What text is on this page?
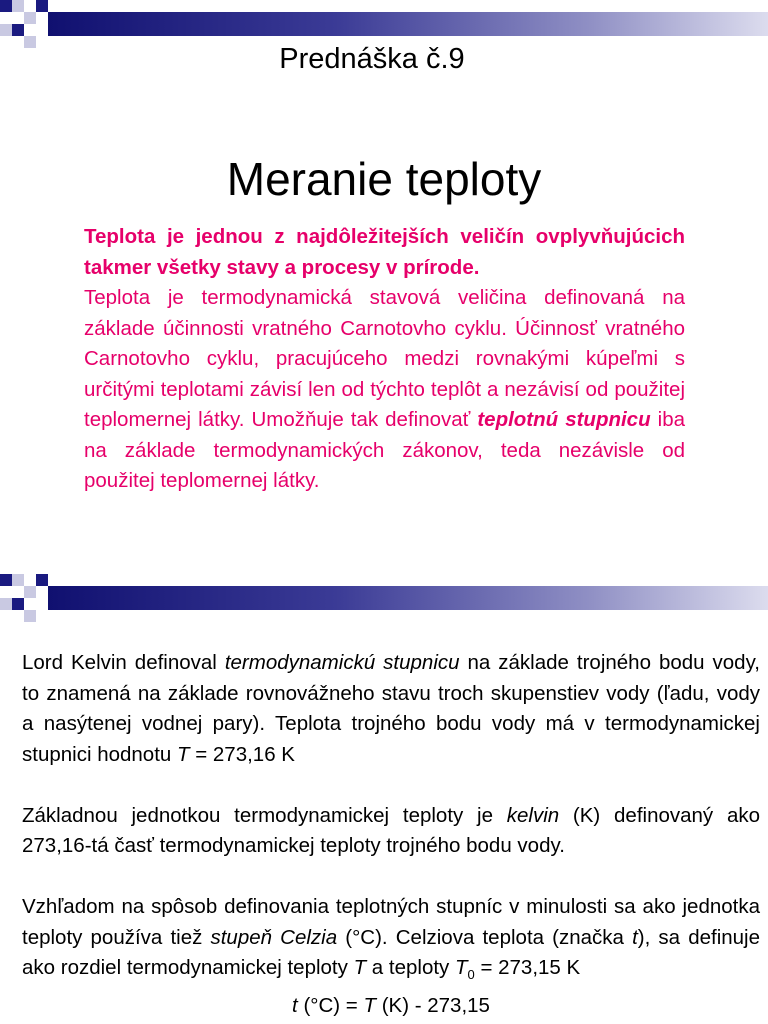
Prednáška č.9
Meranie teploty

Teplota je jednou z najdôležitejších veličín ovplyvňujúcich takmer všetky stavy a procesy v prírode.

Teplota je termodynamická stavová veličina definovaná na základe účinnosti vratného Carnotovho cyklu. Účinnosť vratného Carnotovho cyklu, pracujúceho medzi rovnakými kúpeľmi s určitými teplotami závisí len od týchto teplôt a nezávisí od použitej teplomernej látky. Umožňuje tak definovať teplotnú stupnicu iba na základe termodynamických zákonov, teda nezávisle od použitej teplomernej látky.

Lord Kelvin definoval termodynamickú stupnicu na základe trojného bodu vody, to znamená na základe rovnovážneho stavu troch skupenstiev vody (ľadu, vody a nasýtenej vodnej pary). Teplota trojného bodu vody má v termodynamickej stupnici hodnotu T = 273,16 K

Základnou jednotkou termodynamickej teploty je kelvin (K) definovaný ako 273,16-tá časť termodynamickej teploty trojného bodu vody.

Vzhľadom na spôsob definovania teplotných stupníc v minulosti sa ako jednotka teploty používa tiež stupeň Celzia (°C). Celziova teplota (značka t), sa definuje ako rozdiel termodynamickej teploty T a teploty $T_0 = 273,15$ K

t (°C) = T (K) - 273,15
